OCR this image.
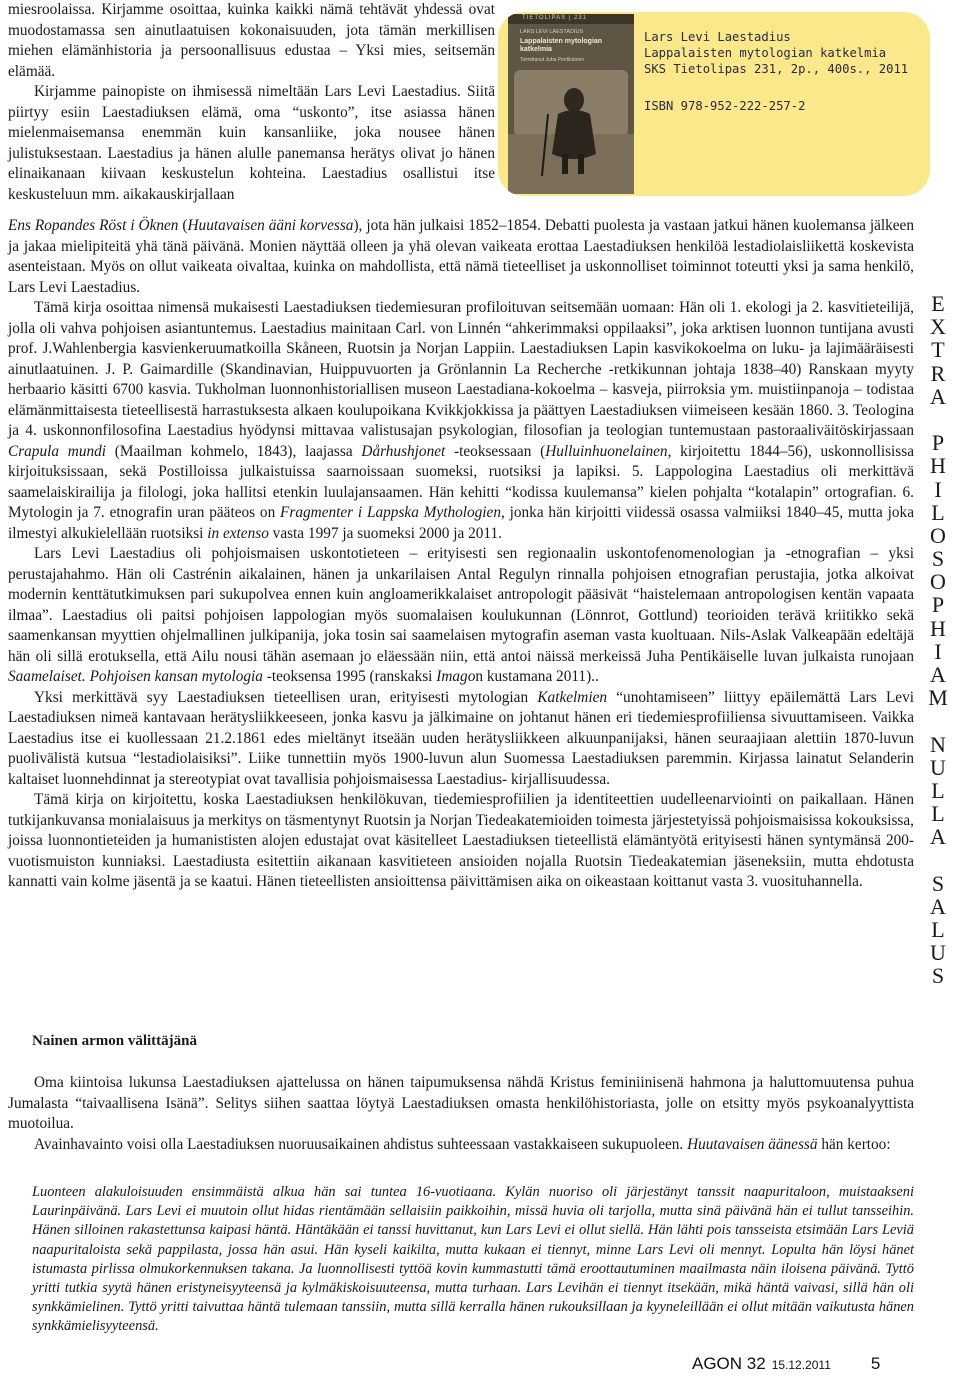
miesroolaissa. Kirjamme osoittaa, kuinka kaikki nämä tehtävät yhdessä ovat muodostamassa sen ainutlaatuisen kokonaisuuden, jota tämän merkillisen miehen elämänhistoria ja persoonallisuus edustaa – Yksi mies, seitsemän elämää.

Kirjamme painopiste on ihmisessä nimeltään Lars Levi Laestadius. Siitä piirtyy esiin Laestadiuksen elämä, oma “uskonto”, itse asiassa hänen mielenmaisemansa enemmän kuin kansanliike, joka nousee hänen julistuksestaan. Laestadius ja hänen alulle panemansa herätys olivat jo hänen elinaikanaan kiivaan keskustelun kohteina. Laestadius osallistui itse keskusteluun mm. aikakauskirjallaan

TIETOLIPAS | 231
LARS LEVI LAESTADIUS
Lappalaisten mytologian katkelmia
Toimittanut Juha Pentikäinen
Lars Levi Laestadius
Lappalaisten mytologian katkelmia
SKS Tietolipas 231, 2p., 400s., 2011
ISBN 978-952-222-257-2
Ens Ropandes Röst i Öknen (Huutavaisen ääni korvessa), jota hän julkaisi 1852–1854. Debatti puolesta ja vastaan jatkui hänen kuolemansa jälkeen ja jakaa mielipiteitä yhä tänä päivänä. Monien näyttää olleen ja yhä olevan vaikeata erottaa Laestadiuksen henkilöä lestadiolaisliikettä koskevista asenteistaan. Myös on ollut vaikeata oivaltaa, kuinka on mahdollista, että nämä tieteelliset ja uskonnolliset toiminnot toteutti yksi ja sama henkilö, Lars Levi Laestadius.
Tämä kirja osoittaa nimensä mukaisesti Laestadiuksen tiedemiesuran profiloituvan seitsemään uomaan: Hän oli 1. ekologi ja 2. kasvitieteilijä, jolla oli vahva pohjoisen asiantuntemus. Laestadius mainitaan Carl. von Linnén “ahkerimmaksi oppilaaksi”, joka arktisen luonnon tuntijana avusti prof. J.Wahlenbergia kasvienkeruumatkoilla Skåneen, Ruotsin ja Norjan Lappiin. Laestadiuksen Lapin kasvikokoelma on luku- ja lajimääräisesti ainutlaatuinen. J. P. Gaimardille (Skandinavian, Huippuvuorten ja Grönlannin La Recherche -retkikunnan johtaja 1838–40) Ranskaan myyty herbaario käsitti 6700 kasvia. Tukholman luonnonhistoriallisen museon Laestadiana-kokoelma – kasveja, piirroksia ym. muistiinpanoja – todistaa elämänmittaisesta tieteellisestä harrastuksesta alkaen koulupoikana Kvikkjokkissa ja päättyen Laestadiuksen viimeiseen kesään 1860. 3. Teologina ja 4. uskonnonfilosofina Laestadius hyödynsi mittavaa valistusajan psykologian, filosofian ja teologian tuntemustaan pastoraaliväitöskirjassaan Crapula mundi (Maailman kohmelo, 1843), laajassa Dårhushjonet -teoksessaan (Hulluinhuonelainen, kirjoitettu 1844–56), uskonnollisissa kirjoituksissaan, sekä Postilloissa julkaistuissa saarnoissaan suomeksi, ruotsiksi ja lapiksi. 5. Lappologina Laestadius oli merkittävä saamelaiskirailija ja filologi, joka hallitsi etenkin luulajansaamen. Hän kehitti “kodissa kuulemansa” kielen pohjalta “kotalapin” ortografian. 6. Mytologin ja 7. etnografin uran pääteos on Fragmenter i Lappska Mythologien, jonka hän kirjoitti viidessä osassa valmiiksi 1840–45, mutta joka ilmestyi alkukielellään ruotsiksi in extenso vasta 1997 ja suomeksi 2000 ja 2011.
Lars Levi Laestadius oli pohjoismaisen uskontotieteen – erityisesti sen regionaalin uskontofenomenologian ja -etnografian – yksi perustajahahmo. Hän oli Castrénin aikalainen, hänen ja unkarilaisen Antal Regulyn rinnalla pohjoisen etnografian perustajia, jotka alkoivat modernin kenttätutkimuksen pari sukupolvea ennen kuin angloamerikkalaiset antropologit pääsivät “haistelemaan antropologisen kentän vapaata ilmaa”. Laestadius oli paitsi pohjoisen lappologian myös suomalaisen koulukunnan (Lönnrot, Gottlund) teorioiden terävä kriitikko sekä saamenkansan myyttien ohjelmallinen julkipanija, joka tosin sai saamelaisen mytografin aseman vasta kuoltuaan. Nils-Aslak Valkeapään edeltäjä hän oli sillä erotuksella, että Ailu nousi tähän asemaan jo eläessään niin, että antoi näissä merkeissä Juha Pentikäiselle luvan julkaista runojaan Saamelaiset. Pohjoisen kansan mytologia -teoksensa 1995 (ranskaksi Imagon kustamana 2011)..
Yksi merkittävä syy Laestadiuksen tieteellisen uran, erityisesti mytologian Katkelmien “unohtamiseen” liittyy epäilemättä Lars Levi Laestadiuksen nimeä kantavaan herätysliikkeeseen, jonka kasvu ja jälkimaine on johtanut hänen eri tiedemiesprofiiliensa sivuuttamiseen. Vaikka Laestadius itse ei kuollessaan 21.2.1861 edes mieltänyt itseään uuden herätysliikkeen alkuunpanijaksi, hänen seuraajiaan alettiin 1870-luvun puolivälistä kutsua “lestadiolaisiksi”. Liike tunnettiin myös 1900-luvun alun Suomessa Laestadiuksen paremmin. Kirjassa lainatut Selanderin kaltaiset luonnehdinnat ja stereotypiat ovat tavallisia pohjoismaisessa Laestadius- kirjallisuudessa.
Tämä kirja on kirjoitettu, koska Laestadiuksen henkilökuvan, tiedemiesprofiilien ja identiteettien uudelleenarviointi on paikallaan. Hänen tutkijankuvansa monialaisuus ja merkitys on täsmentynyt Ruotsin ja Norjan Tiedeakatemioiden toimesta järjestetyissä pohjoismaisissa kokouksissa, joissa luonnontieteiden ja humanististen alojen edustajat ovat käsitelleet Laestadiuksen tieteellistä elämäntyötä erityisesti hänen syntymänsä 200-vuotismuiston kunniaksi. Laestadiusta esitettiin aikanaan kasvitieteen ansioiden nojalla Ruotsin Tiedeakatemian jäseneksiin, mutta ehdotusta kannatti vain kolme jäsentä ja se kaatui. Hänen tieteellisten ansioittensa päivittämisen aika on oikeastaan koittanut vasta 3. vuosituhannella.
Nainen armon välittäjänä
Oma kiintoisa lukunsa Laestadiuksen ajattelussa on hänen taipumuksensa nähdä Kristus feminiinisenä hahmona ja haluttomuutensa puhua Jumalasta “taivaallisena Isänä”. Selitys siihen saattaa löytyä Laestadiuksen omasta henkilöhistoriasta, jolle on etsitty myös psykoanalyyttista muotoilua.
Avainhavainto voisi olla Laestadiuksen nuoruusaikainen ahdistus suhteessaan vastakkaiseen sukupuoleen. Huutavaisen äänessä hän kertoo:
Luonteen alakuloisuuden ensimmäistä alkua hän sai tuntea 16-vuotiaana. Kylän nuoriso oli järjestänyt tanssit naapuritaloon, muistaakseni Laurinpäivänä. Lars Levi ei muutoin ollut hidas rientämään sellaisiin paikkoihin, missä huvia oli tarjolla, mutta sinä päivänä hän ei tullut tansseihin. Hänen silloinen rakastettunsa kaipasi häntä. Häntäkään ei tanssi huvittanut, kun Lars Levi ei ollut siellä. Hän lähti pois tansseista etsimään Lars Leviä naapuritaloista sekä pappilasta, jossa hän asui. Hän kyseli kaikilta, mutta kukaan ei tiennyt, minne Lars Levi oli mennyt. Lopulta hän löysi hänet istumasta pirlissa olmukorkennuksen takana. Ja luonnollisesti tyttöä kovin kummastutti tämä eroottautuminen maailmasta näin iloisena päivänä. Tyttö yritti tutkia syytä hänen eristyneisyyteensä ja kylmäkiskoisuuteensa, mutta turhaan. Lars Levihän ei tiennyt itsekään, mikä häntä vaivasi, sillä hän oli synkkämielinen. Tyttö yritti taivuttaa häntä tulemaan tanssiin, mutta sillä kerralla hänen rukouksillaan ja kyyneleillään ei ollut mitään vaikutusta hänen synkkämielisyyteensä.
E
X
T
R
A

P
H
I
L
O
S
O
P
H
I
A
M

N
U
L
L
A

S
A
L
U
S
AGON 32 15.12.2011 5
